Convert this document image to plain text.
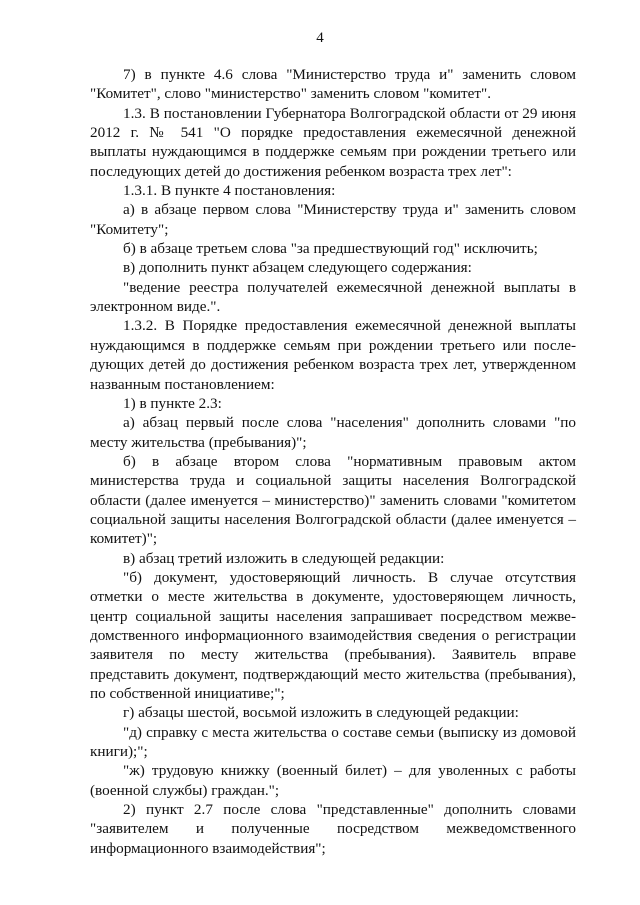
4

7) в пункте 4.6 слова "Министерство труда и" заменить словом "Комитет", слово "министерство" заменить словом "комитет".

1.3. В постановлении Губернатора Волгоградской области от 29 июня 2012 г. № 541 "О порядке предоставления ежемесячной денежной выплаты нуждающимся в поддержке семьям при рождении третьего или последующих детей до достижения ребенком возраста трех лет":

1.3.1. В пункте 4 постановления:

а) в абзаце первом слова "Министерству труда и" заменить словом "Комитету";

б) в абзаце третьем слова "за предшествующий год" исключить;

в) дополнить пункт абзацем следующего содержания:

"ведение реестра получателей ежемесячной денежной выплаты в электронном виде.".

1.3.2. В Порядке предоставления ежемесячной денежной выплаты нуждающимся в поддержке семьям при рождении третьего или последующих детей до достижения ребенком возраста трех лет, утвержденном названным постановлением:

1) в пункте 2.3:

а) абзац первый после слова "населения" дополнить словами "по месту жительства (пребывания)";

б) в абзаце втором слова "нормативным правовым актом министерства труда и социальной защиты населения Волгоградской области (далее именуется – министерство)" заменить словами "комитетом социальной защиты населения Волгоградской области (далее именуется – комитет)";

в) абзац третий изложить в следующей редакции:

"б) документ, удостоверяющий личность. В случае отсутствия отметки о месте жительства в документе, удостоверяющем личность, центр социальной защиты населения запрашивает посредством межведомственного информационного взаимодействия сведения о регистрации заявителя по месту жительства (пребывания). Заявитель вправе представить документ, подтверждающий место жительства (пребывания), по собственной инициативе;";

г) абзацы шестой, восьмой изложить в следующей редакции:

"д) справку с места жительства о составе семьи (выписку из домовой книги);";

"ж) трудовую книжку (военный билет) – для уволенных с работы (военной службы) граждан.";

2) пункт 2.7 после слова "представленные" дополнить словами "заявителем и полученные посредством межведомственного информационного взаимодействия";
